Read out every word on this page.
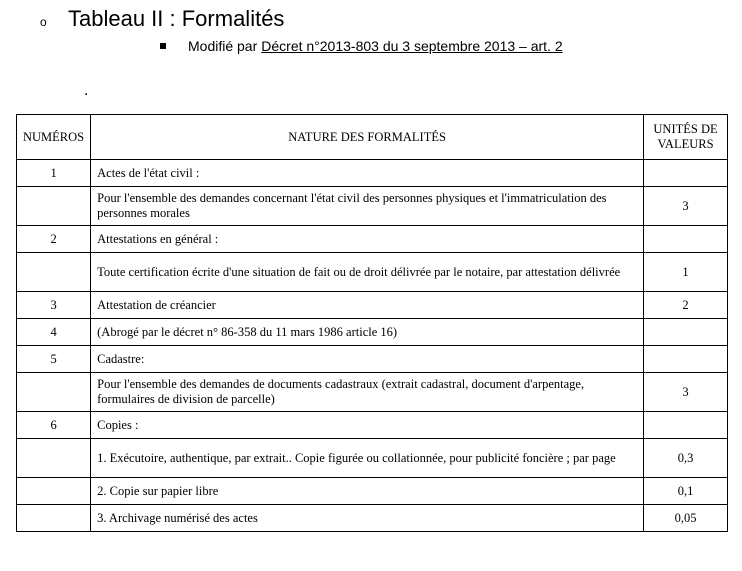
o Tableau II : Formalités
Modifié par Décret n°2013-803 du 3 septembre 2013 – art. 2
.
NUMÉROS	NATURE DES FORMALITÉS	UNITÉS DE VALEURS
1	Actes de l'état civil :	
	Pour l'ensemble des demandes concernant l'état civil des personnes physiques et l'immatriculation des personnes morales	3
2	Attestations en général :	
	Toute certification écrite d'une situation de fait ou de droit délivrée par le notaire, par attestation délivrée	1
3	Attestation de créancier	2
4	(Abrogé par le décret n° 86-358 du 11 mars 1986 article 16)	
5	Cadastre:	
	Pour l'ensemble des demandes de documents cadastraux (extrait cadastral, document d'arpentage, formulaires de division de parcelle)	3
6	Copies :	
	1. Exécutoire, authentique, par extrait.. Copie figurée ou collationnée, pour publicité foncière ; par page	0,3
	2. Copie sur papier libre	0,1
	3. Archivage numérisé des actes	0,05
